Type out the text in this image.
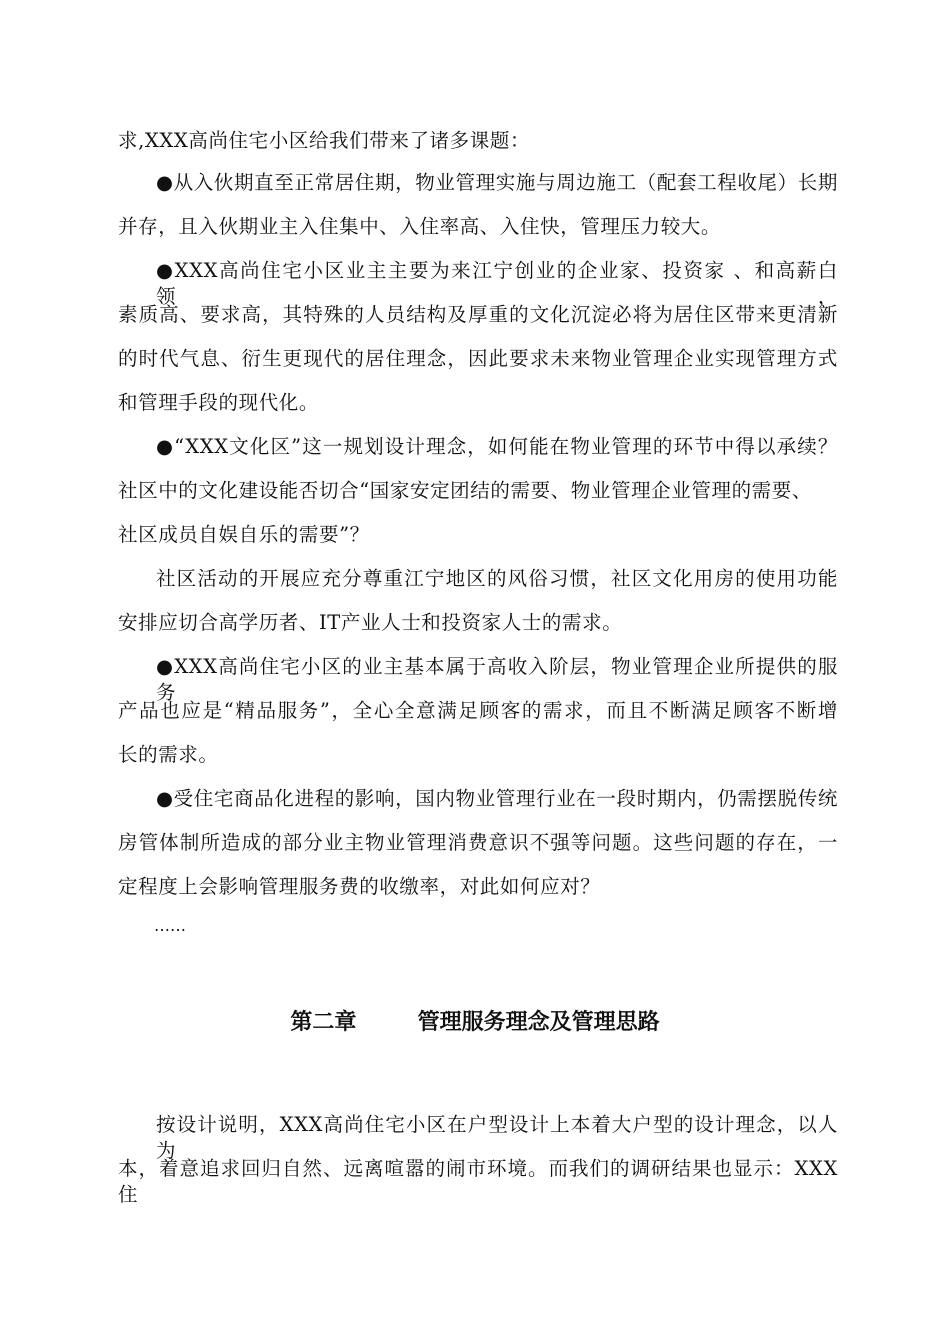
求,XXX高尚住宅小区给我们带来了诸多课题：
●从入伙期直至正常居住期，物业管理实施与周边施工（配套工程收尾）长期
并存，且入伙期业主入住集中、入住率高、入住快，管理压力较大。
●XXX高尚住宅小区业主主要为来江宁创业的企业家、投资家 、和高薪白领，
素质高、要求高，其特殊的人员结构及厚重的文化沉淀必将为居住区带来更清新
的时代气息、衍生更现代的居住理念，因此要求未来物业管理企业实现管理方式
和管理手段的现代化。
●“XXX文化区”这一规划设计理念，如何能在物业管理的环节中得以承续？
社区中的文化建设能否切合“国家安定团结的需要、物业管理企业管理的需要、
社区成员自娱自乐的需要”？
社区活动的开展应充分尊重江宁地区的风俗习惯，社区文化用房的使用功能
安排应切合高学历者、IT产业人士和投资家人士的需求。
●XXX高尚住宅小区的业主基本属于高收入阶层，物业管理企业所提供的服务
产品也应是“精品服务”，全心全意满足顾客的需求，而且不断满足顾客不断增
长的需求。
●受住宅商品化进程的影响，国内物业管理行业在一段时期内，仍需摆脱传统
房管体制所造成的部分业主物业管理消费意识不强等问题。这些问题的存在，一
定程度上会影响管理服务费的收缴率，对此如何应对？
……
第二章	管理服务理念及管理思路
按设计说明，XXX高尚住宅小区在户型设计上本着大户型的设计理念，以人为
本，着意追求回归自然、远离喧嚣的闹市环境。而我们的调研结果也显示：XXX住
